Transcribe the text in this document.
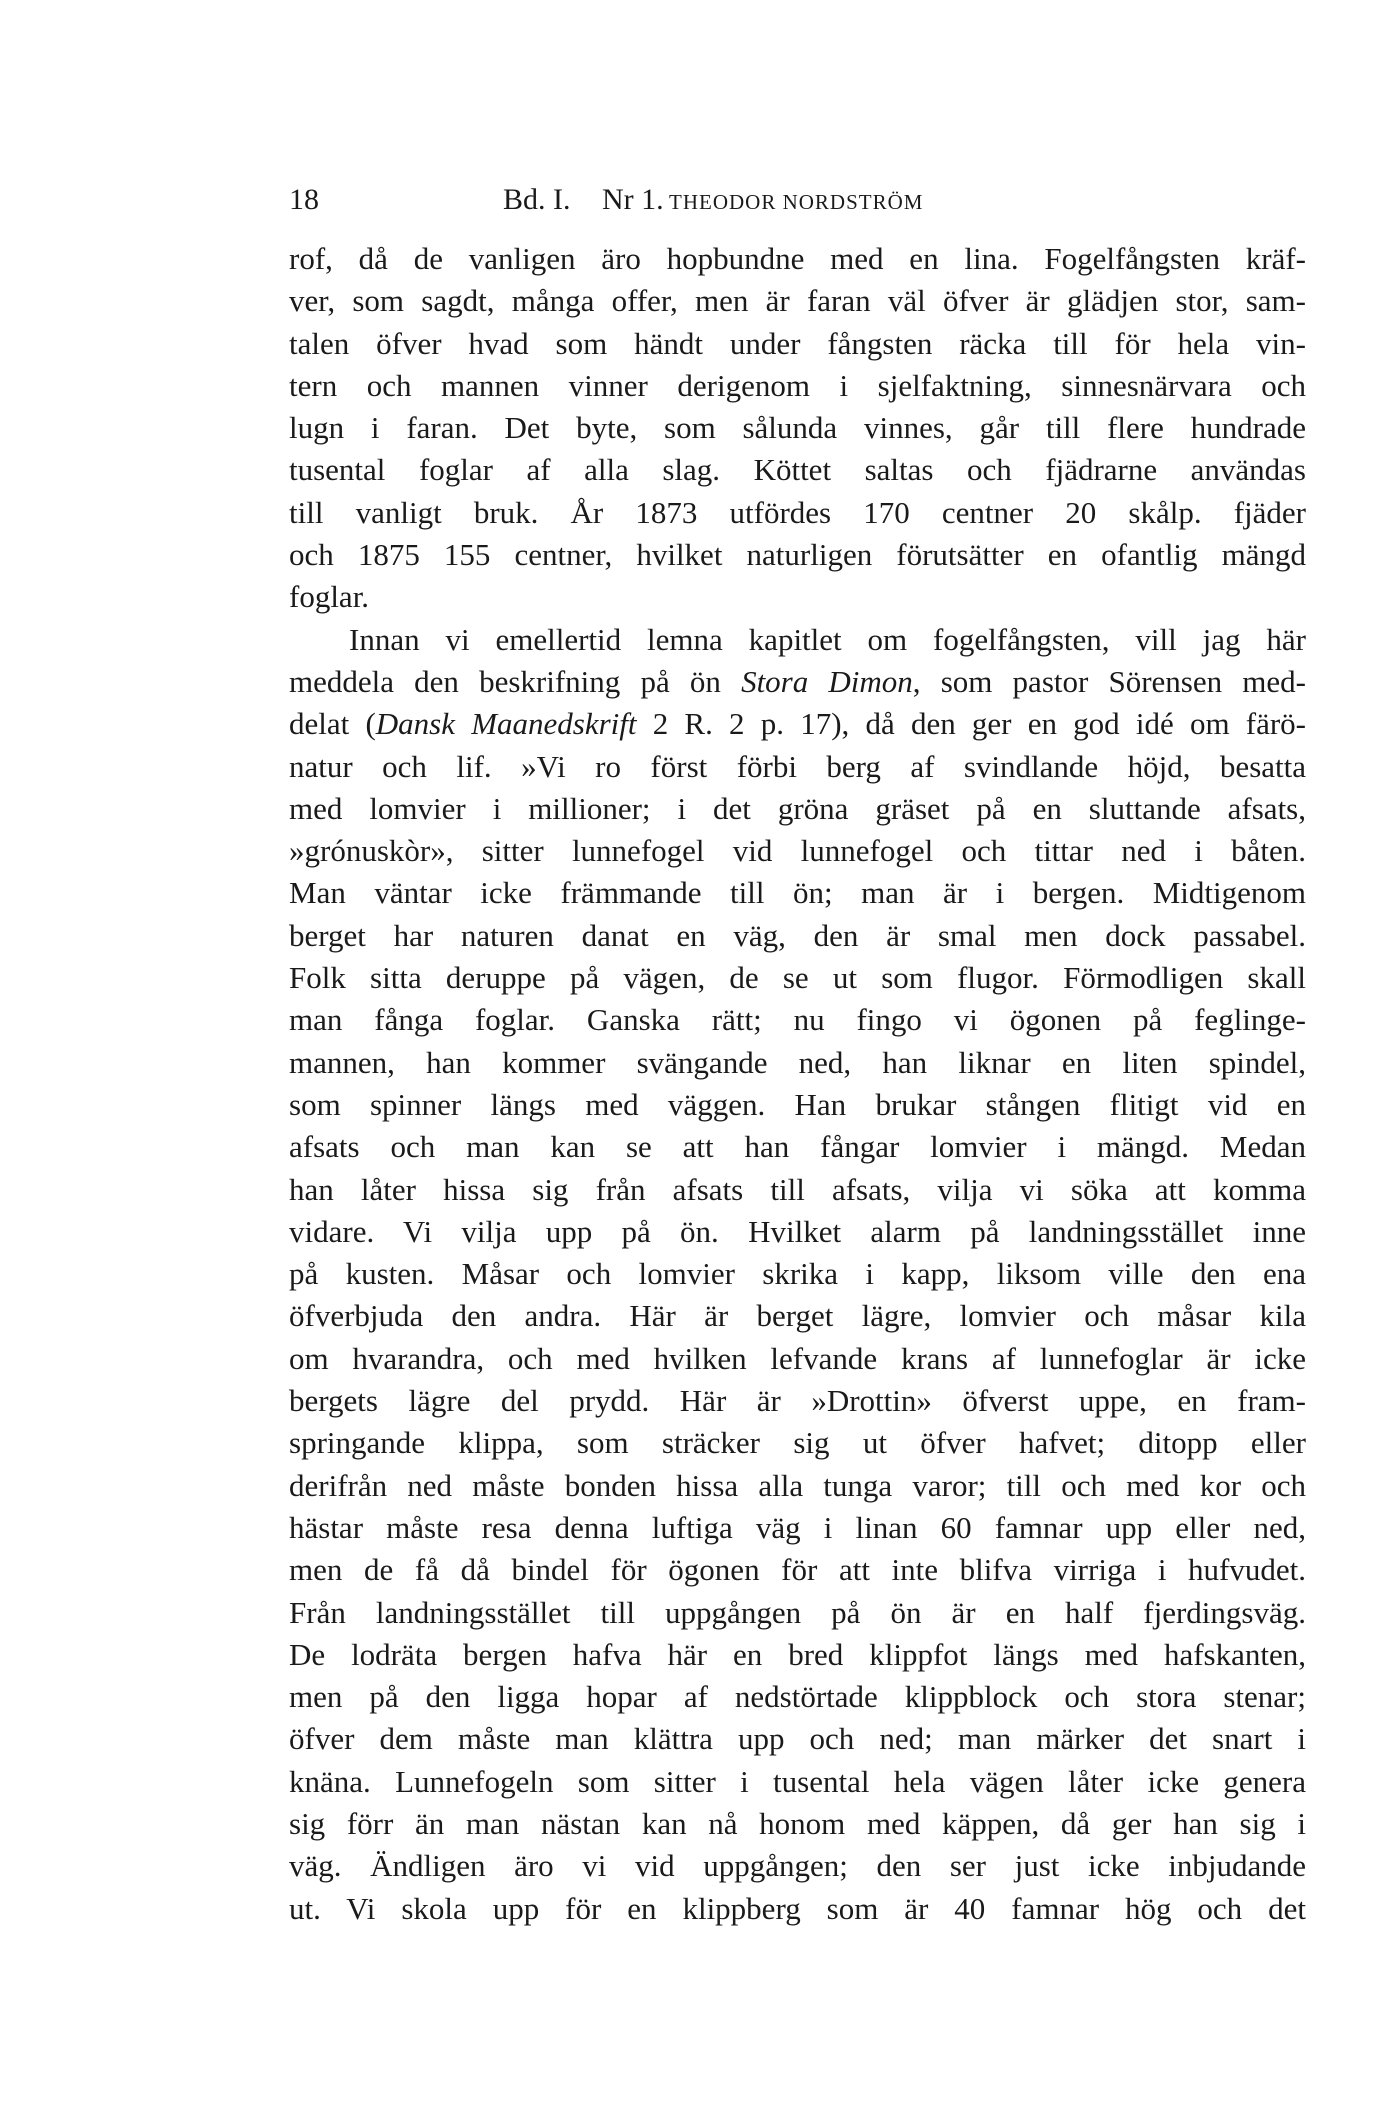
18	Bd. I. Nr 1. THEODOR NORDSTRÖM
rof, då de vanligen äro hopbundne med en lina. Fogelfångsten kräf-
ver, som sagdt, många offer, men är faran väl öfver är glädjen stor, sam-
talen öfver hvad som händt under fångsten räcka till för hela vin-
tern och mannen vinner derigenom i sjelfaktning, sinnesnärvara och
lugn i faran. Det byte, som sålunda vinnes, går till flere hundrade
tusental foglar af alla slag. Köttet saltas och fjädrarne användas
till vanligt bruk. År 1873 utfördes 170 centner 20 skålp. fjäder
och 1875 155 centner, hvilket naturligen förutsätter en ofantlig mängd
foglar.
Innan vi emellertid lemna kapitlet om fogelfångsten, vill jag här
meddela den beskrifning på ön Stora Dimon, som pastor Sörensen med-
delat (Dansk Maanedskrift 2 R. 2 p. 17), då den ger en god idé om färö-
natur och lif. »Vi ro först förbi berg af svindlande höjd, besatta
med lomvier i millioner; i det gröna gräset på en sluttande afsats,
»grónuskòr», sitter lunnefogel vid lunnefogel och tittar ned i båten.
Man väntar icke främmande till ön; man är i bergen. Midtigenom
berget har naturen danat en väg, den är smal men dock passabel.
Folk sitta deruppe på vägen, de se ut som flugor. Förmodligen skall
man fånga foglar. Ganska rätt; nu fingo vi ögonen på feglinge-
mannen, han kommer svängande ned, han liknar en liten spindel,
som spinner längs med väggen. Han brukar stången flitigt vid en
afsats och man kan se att han fångar lomvier i mängd. Medan
han låter hissa sig från afsats till afsats, vilja vi söka att komma
vidare. Vi vilja upp på ön. Hvilket alarm på landningsstället inne
på kusten. Måsar och lomvier skrika i kapp, liksom ville den ena
öfverbjuda den andra. Här är berget lägre, lomvier och måsar kila
om hvarandra, och med hvilken lefvande krans af lunnefoglar är icke
bergets lägre del prydd. Här är »Drottin» öfverst uppe, en fram-
springande klippa, som sträcker sig ut öfver hafvet; ditopp eller
derifrån ned måste bonden hissa alla tunga varor; till och med kor och
hästar måste resa denna luftiga väg i linan 60 famnar upp eller ned,
men de få då bindel för ögonen för att inte blifva virriga i hufvudet.
Från landningsstället till uppgången på ön är en half fjerdingsväg.
De lodräta bergen hafva här en bred klippfot längs med hafskanten,
men på den ligga hopar af nedstörtade klippblock och stora stenar;
öfver dem måste man klättra upp och ned; man märker det snart i
knäna. Lunnefogeln som sitter i tusental hela vägen låter icke genera
sig förr än man nästan kan nå honom med käppen, då ger han sig i
väg. Ändligen äro vi vid uppgången; den ser just icke inbjudande
ut. Vi skola upp för en klippberg som är 40 famnar hög och det
